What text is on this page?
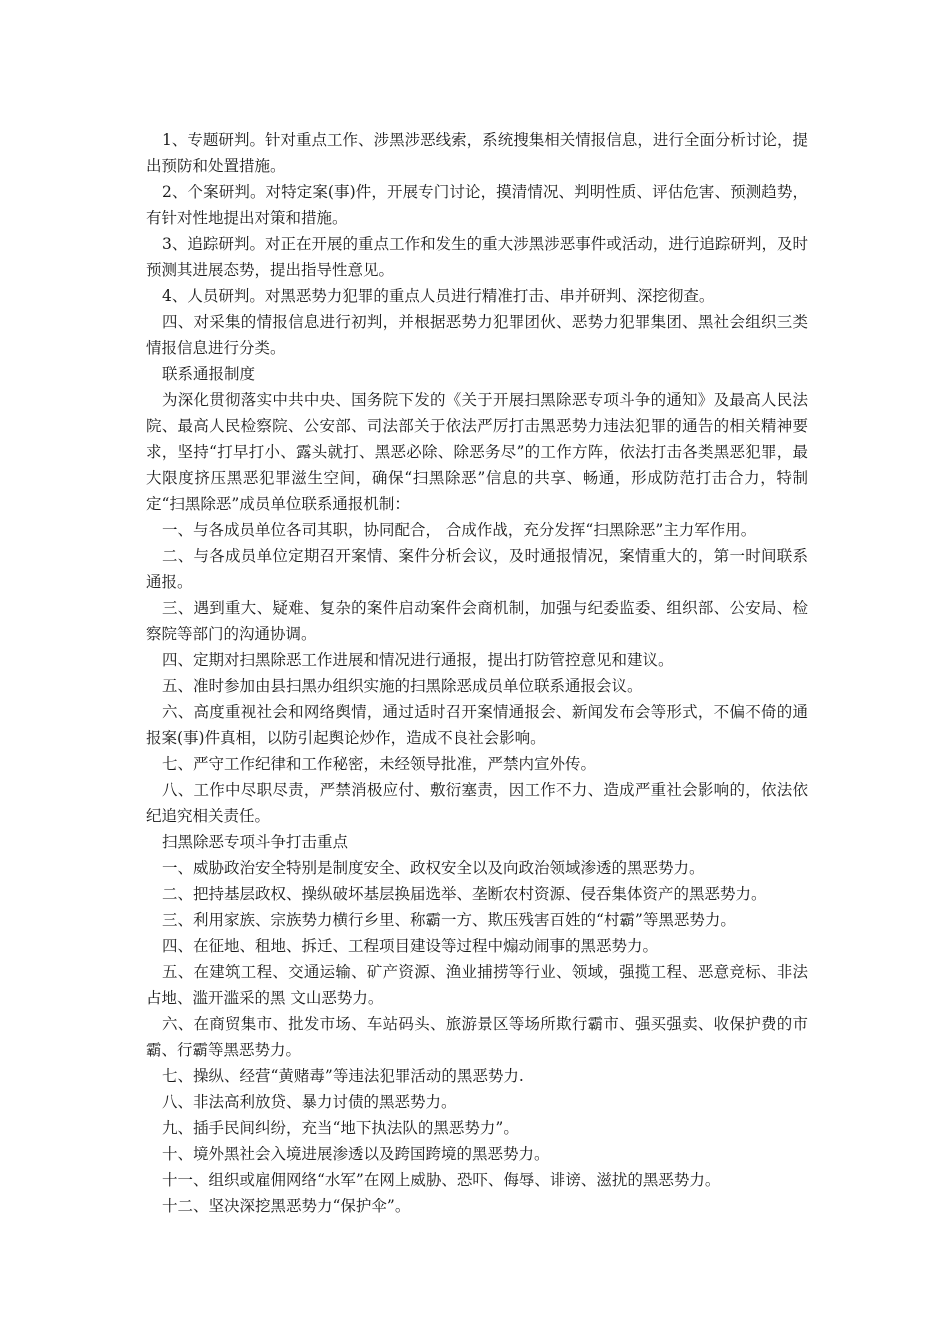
1、专题研判。针对重点工作、涉黑涉恶线索，系统搜集相关情报信息，进行全面分析讨论，提出预防和处置措施。

2、个案研判。对特定案(事)件，开展专门讨论，摸清情况、判明性质、评估危害、预测趋势，有针对性地提出对策和措施。

3、追踪研判。对正在开展的重点工作和发生的重大涉黑涉恶事件或活动，进行追踪研判，及时预测其进展态势，提出指导性意见。

4、人员研判。对黑恶势力犯罪的重点人员进行精准打击、串并研判、深挖彻查。

四、对采集的情报信息进行初判，并根据恶势力犯罪团伙、恶势力犯罪集团、黑社会组织三类情报信息进行分类。

联系通报制度

为深化贯彻落实中共中央、国务院下发的《关于开展扫黑除恶专项斗争的通知》及最高人民法院、最高人民检察院、公安部、司法部关于依法严厉打击黑恶势力违法犯罪的通告的相关精神要求，坚持“打早打小、露头就打、黑恶必除、除恶务尽”的工作方阵，依法打击各类黑恶犯罪，最大限度挤压黑恶犯罪滋生空间，确保“扫黑除恶”信息的共享、畅通，形成防范打击合力，特制定“扫黑除恶”成员单位联系通报机制：

一、与各成员单位各司其职，协同配合， 合成作战，充分发挥“扫黑除恶”主力军作用。

二、与各成员单位定期召开案情、案件分析会议，及时通报情况，案情重大的，第一时间联系通报。

三、遇到重大、疑难、复杂的案件启动案件会商机制，加强与纪委监委、组织部、公安局、检察院等部门的沟通协调。

四、定期对扫黑除恶工作进展和情况进行通报，提出打防管控意见和建议。

五、准时参加由县扫黑办组织实施的扫黑除恶成员单位联系通报会议。

六、高度重视社会和网络舆情，通过适时召开案情通报会、新闻发布会等形式，不偏不倚的通报案(事)件真相，以防引起舆论炒作，造成不良社会影响。

七、严守工作纪律和工作秘密，未经领导批准，严禁内宣外传。

八、工作中尽职尽责，严禁消极应付、敷衍塞责，因工作不力、造成严重社会影响的，依法依纪追究相关责任。

扫黑除恶专项斗争打击重点

一、威胁政治安全特别是制度安全、政权安全以及向政治领域渗透的黑恶势力。

二、把持基层政权、操纵破坏基层换届选举、垄断农村资源、侵吞集体资产的黑恶势力。

三、利用家族、宗族势力横行乡里、称霸一方、欺压残害百姓的“村霸”等黑恶势力。

四、在征地、租地、拆迁、工程项目建设等过程中煽动闹事的黑恶势力。

五、在建筑工程、交通运输、矿产资源、渔业捕捞等行业、领域，强揽工程、恶意竞标、非法占地、滥开滥采的黑 文山恶势力。

六、在商贸集市、批发市场、车站码头、旅游景区等场所欺行霸市、强买强卖、收保护费的市霸、行霸等黑恶势力。

七、操纵、经营“黄赌毒”等违法犯罪活动的黑恶势力.

八、非法高利放贷、暴力讨债的黑恶势力。

九、插手民间纠纷，充当“地下执法队的黑恶势力”。

十、境外黑社会入境进展渗透以及跨国跨境的黑恶势力。

十一、组织或雇佣网络“水军”在网上威胁、恐吓、侮辱、诽谤、滋扰的黑恶势力。

十二、坚决深挖黑恶势力“保护伞”。
